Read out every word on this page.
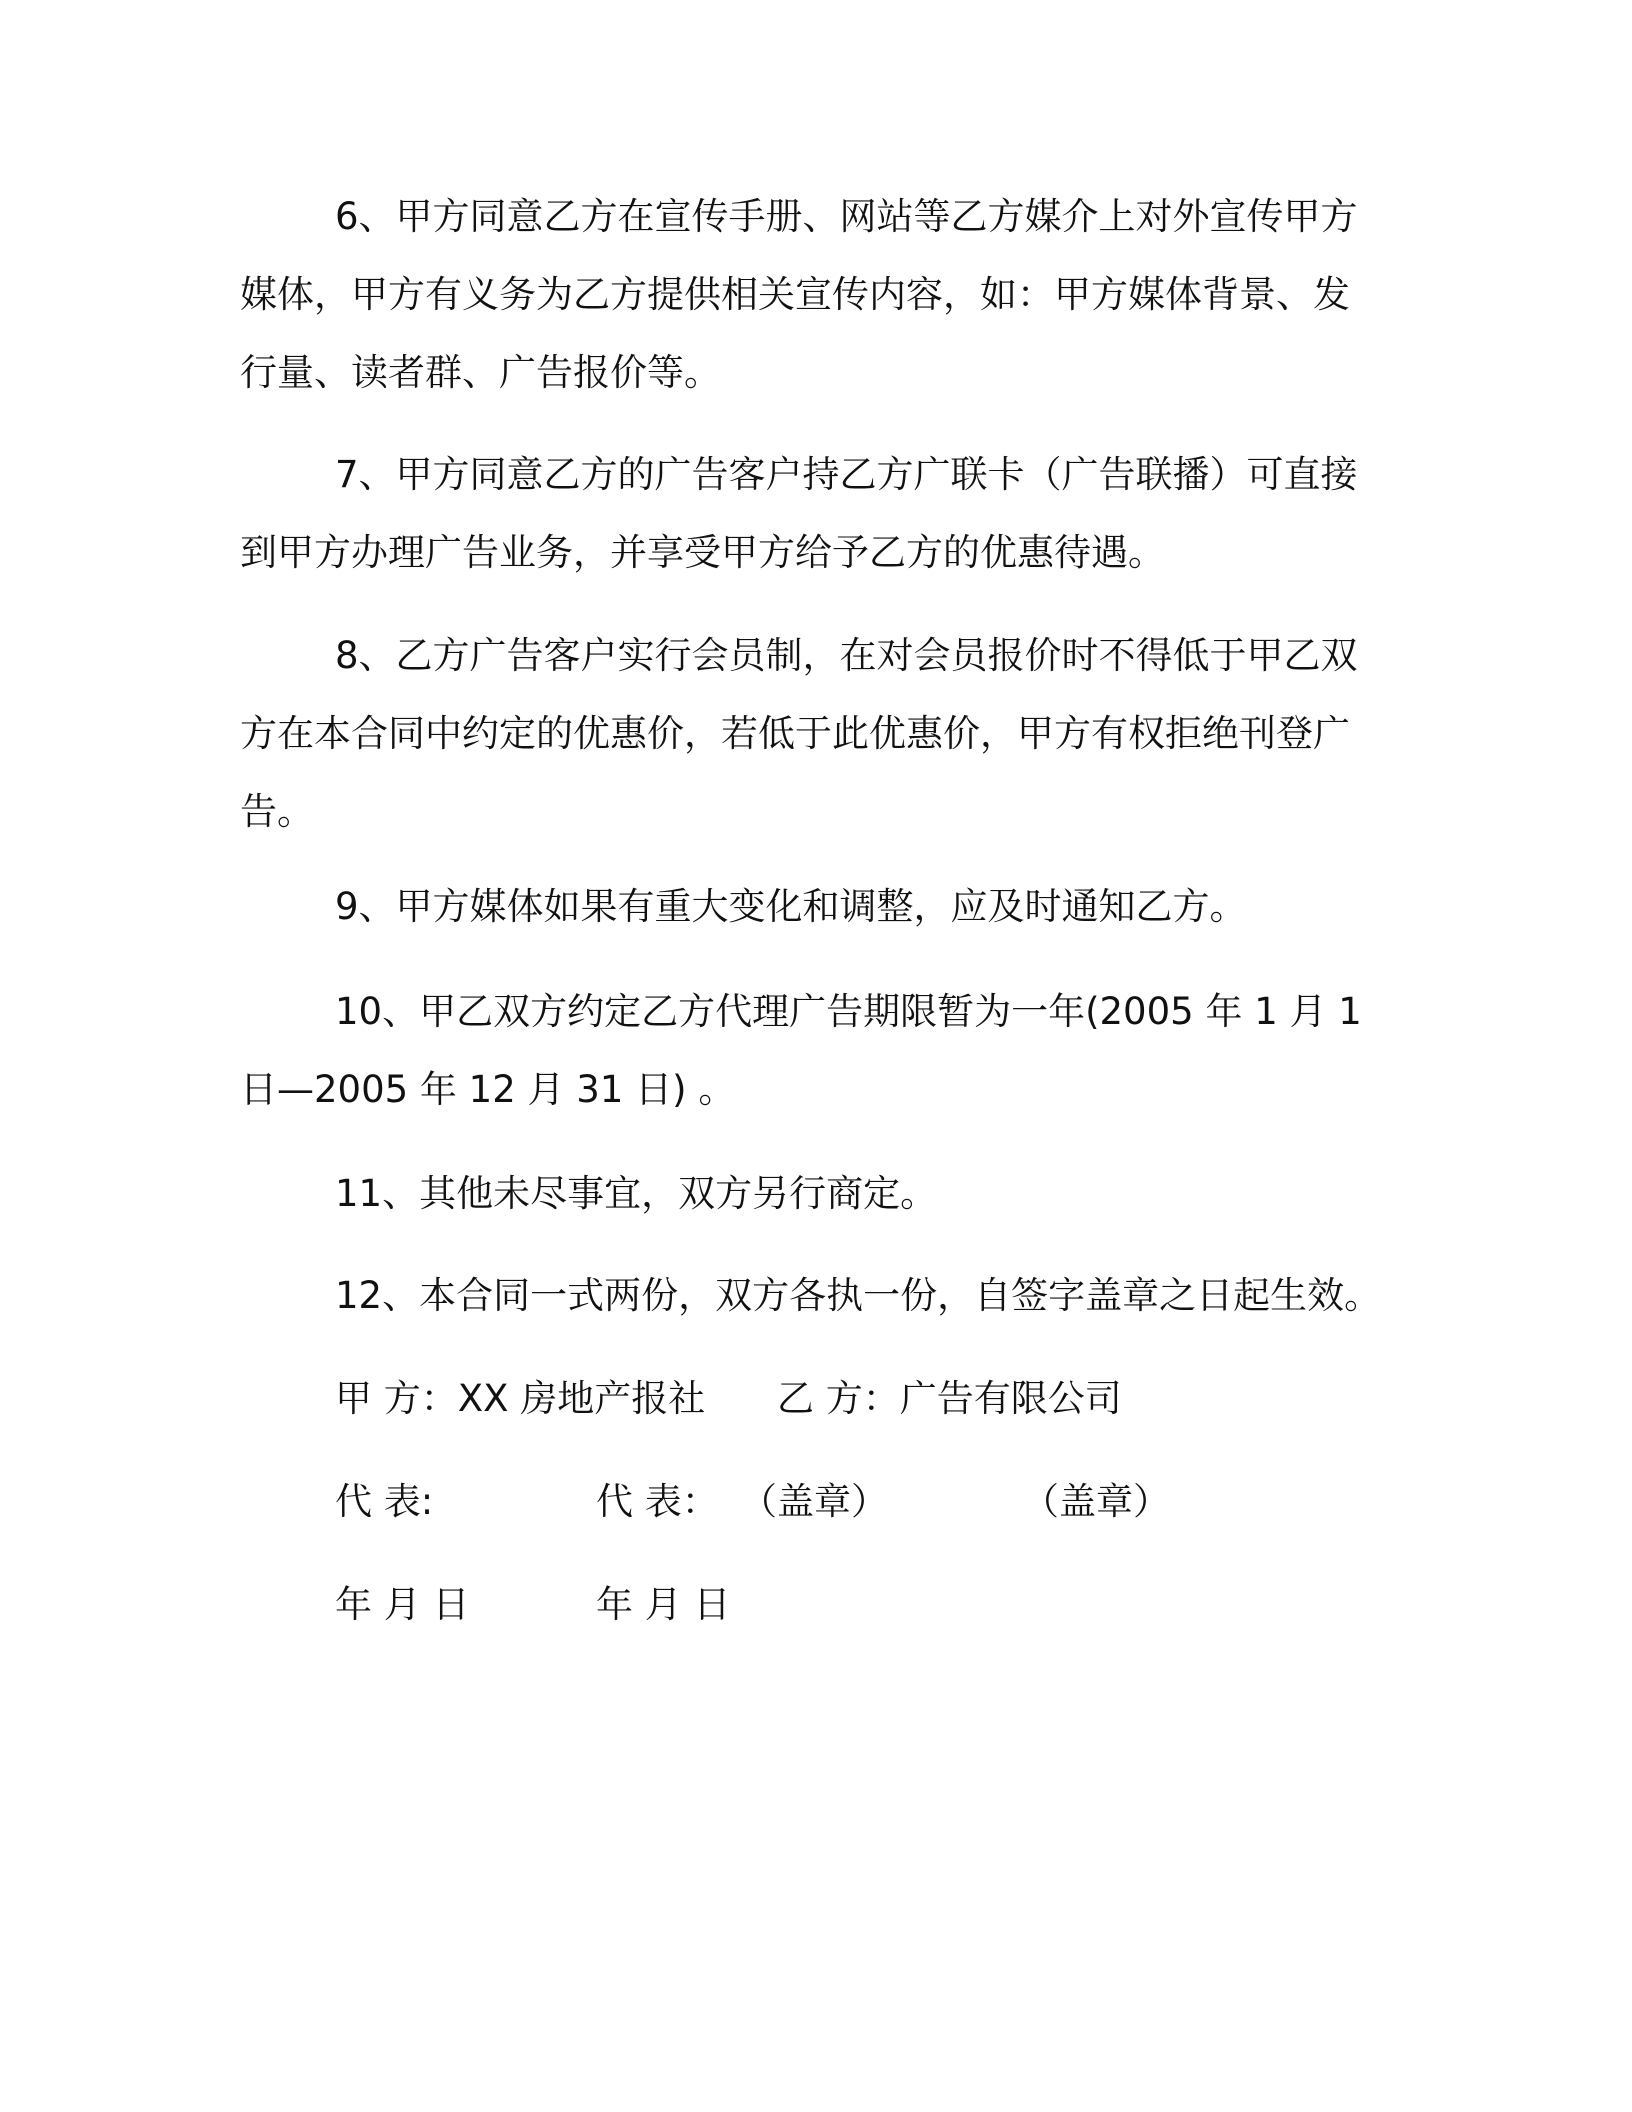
6、甲方同意乙方在宣传手册、网站等乙方媒介上对外宣传甲方媒体，甲方有义务为乙方提供相关宣传内容，如：甲方媒体背景、发行量、读者群、广告报价等。

7、甲方同意乙方的广告客户持乙方广联卡（广告联播）可直接到甲方办理广告业务，并享受甲方给予乙方的优惠待遇。

8、乙方广告客户实行会员制，在对会员报价时不得低于甲乙双方在本合同中约定的优惠价，若低于此优惠价，甲方有权拒绝刊登广告。

9、甲方媒体如果有重大变化和调整，应及时通知乙方。

10、甲乙双方约定乙方代理广告期限暂为一年(2005 年 1 月 1 日—2005 年 12 月 31 日) 。

11、其他未尽事宜，双方另行商定。

12、本合同一式两份，双方各执一份，自签字盖章之日起生效。

甲 方：XX 房地产报社 乙 方：广告有限公司

代 表:	代 表： （盖章）	（盖章）

年 月 日	年 月 日
